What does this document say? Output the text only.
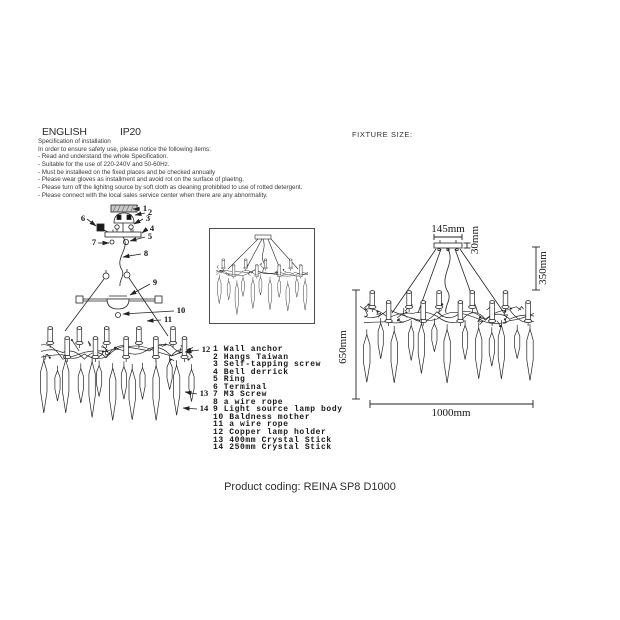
ENGLISH	IP20
Specification of installation
In order to ensure safety use, please notice the following items:
- Read and understand the whole Specification.
- Suitable for the use of 220-240V and 50-60Hz.
- Must be installeed on the fixed places and be checked annually
- Please wear gloves as installment and avoid rot on the surface of plaetng.
- Please turn off the lighitng source by soft cloth as cleaning prohibited to use of rotted detergent.
- Please connect with the local sales service center when there are any abnormality.
FIXTURE SIZE:
1 2
3
4
5
6
7
8
9
10
11
12
13
14
145mm 30mm
350mm
650mm
1000mm
1 Wall anchor
2 Hangs Taiwan
3 Self-tapping screw
4 Bell derrick
5 Ring
6 Terminal
7 M3 Screw
8 a wire rope
9 Light source lamp body
10 Baldness mother
11 a wire rope
12 Copper lamp holder
13 400mm Crystal Stick
14 250mm Crystal Stick
Product coding: REINA SP8 D1000
